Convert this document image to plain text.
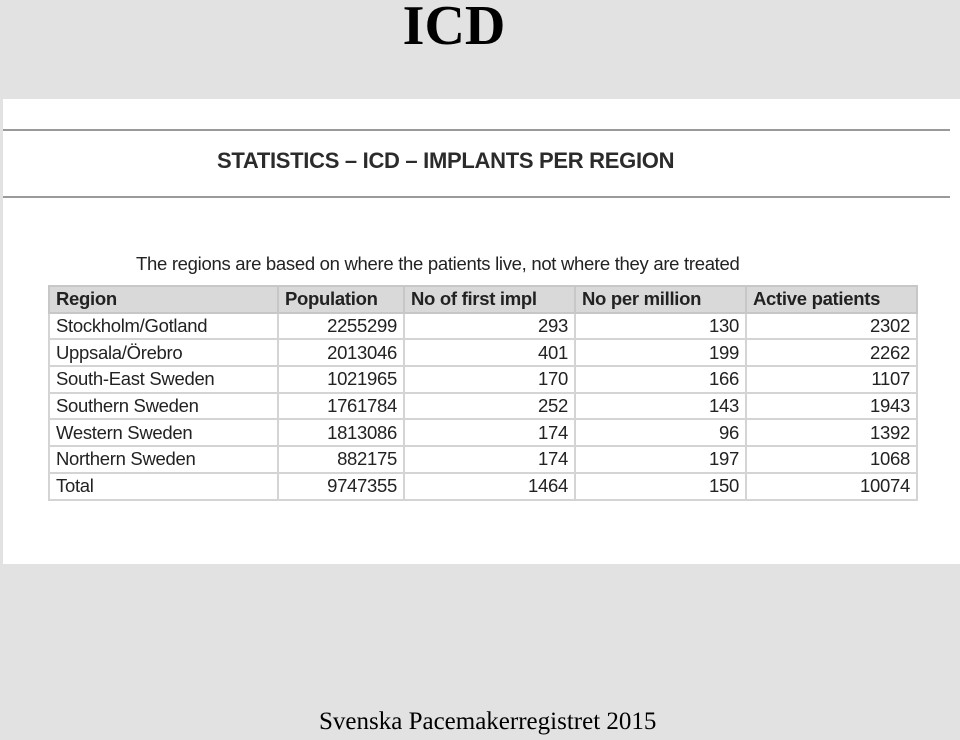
ICD
STATISTICS – ICD – IMPLANTS PER REGION
The regions are based on where the patients live, not where they are treated
Region	Population	No of first impl	No per million	Active patients
Stockholm/Gotland	2255299	293	130	2302
Uppsala/Örebro	2013046	401	199	2262
South-East Sweden	1021965	170	166	1107
Southern Sweden	1761784	252	143	1943
Western Sweden	1813086	174	96	1392
Northern Sweden	882175	174	197	1068
Total	9747355	1464	150	10074
Svenska Pacemakerregistret 2015
